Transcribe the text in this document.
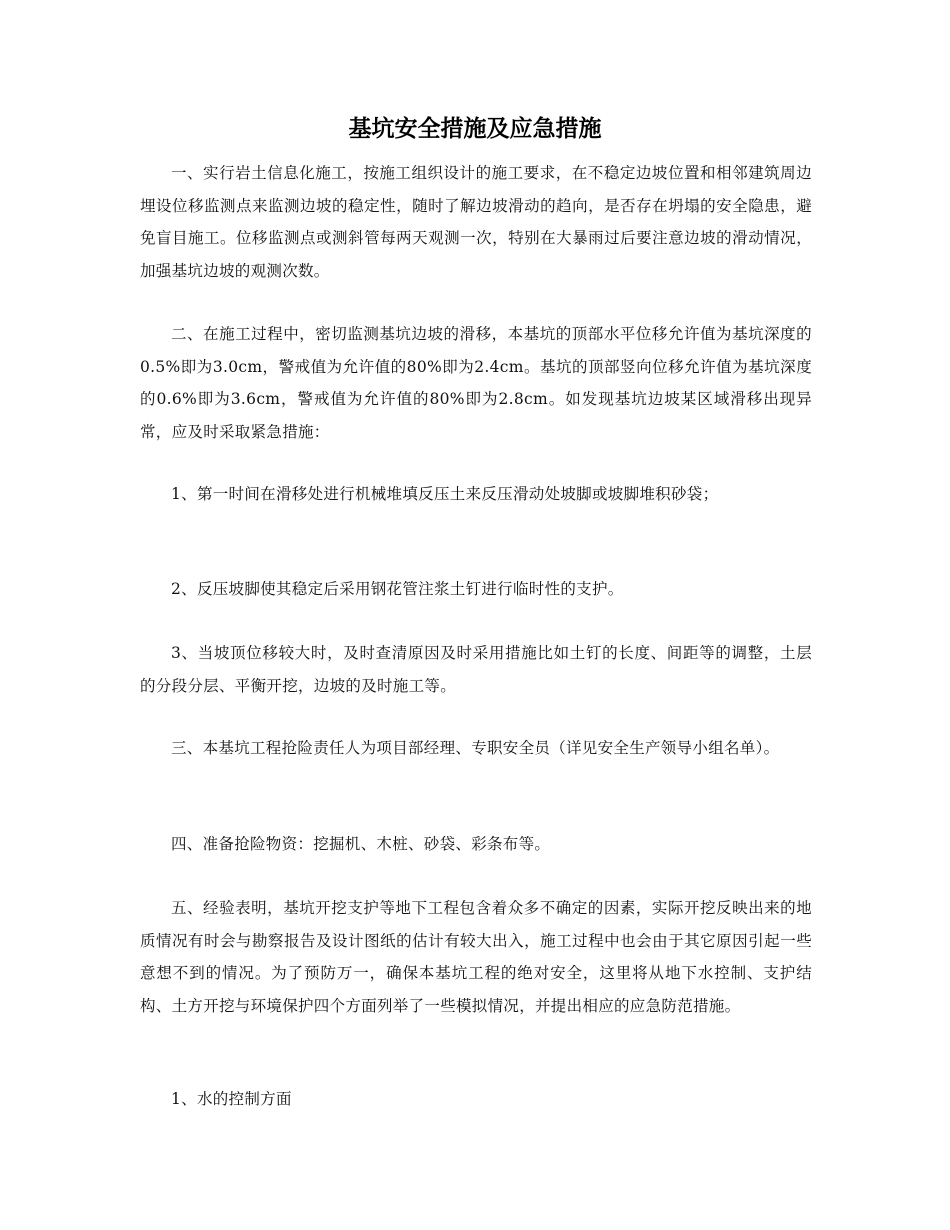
基坑安全措施及应急措施

一、实行岩土信息化施工，按施工组织设计的施工要求，在不稳定边坡位置和相邻建筑周边埋设位移监测点来监测边坡的稳定性，随时了解边坡滑动的趋向，是否存在坍塌的安全隐患，避免盲目施工。位移监测点或测斜管每两天观测一次，特别在大暴雨过后要注意边坡的滑动情况，加强基坑边坡的观测次数。

二、在施工过程中，密切监测基坑边坡的滑移，本基坑的顶部水平位移允许值为基坑深度的0.5%即为3.0cm，警戒值为允许值的80%即为2.4cm。基坑的顶部竖向位移允许值为基坑深度的0.6%即为3.6cm，警戒值为允许值的80%即为2.8cm。如发现基坑边坡某区域滑移出现异常，应及时采取紧急措施：

1、第一时间在滑移处进行机械堆填反压土来反压滑动处坡脚或坡脚堆积砂袋；

2、反压坡脚使其稳定后采用钢花管注浆土钉进行临时性的支护。

3、当坡顶位移较大时，及时查清原因及时采用措施比如土钉的长度、间距等的调整，土层的分段分层、平衡开挖，边坡的及时施工等。

三、本基坑工程抢险责任人为项目部经理、专职安全员（详见安全生产领导小组名单）。

四、准备抢险物资：挖掘机、木桩、砂袋、彩条布等。

五、经验表明，基坑开挖支护等地下工程包含着众多不确定的因素，实际开挖反映出来的地质情况有时会与勘察报告及设计图纸的估计有较大出入，施工过程中也会由于其它原因引起一些意想不到的情况。为了预防万一，确保本基坑工程的绝对安全，这里将从地下水控制、支护结构、土方开挖与环境保护四个方面列举了一些模拟情况，并提出相应的应急防范措施。

1、水的控制方面
